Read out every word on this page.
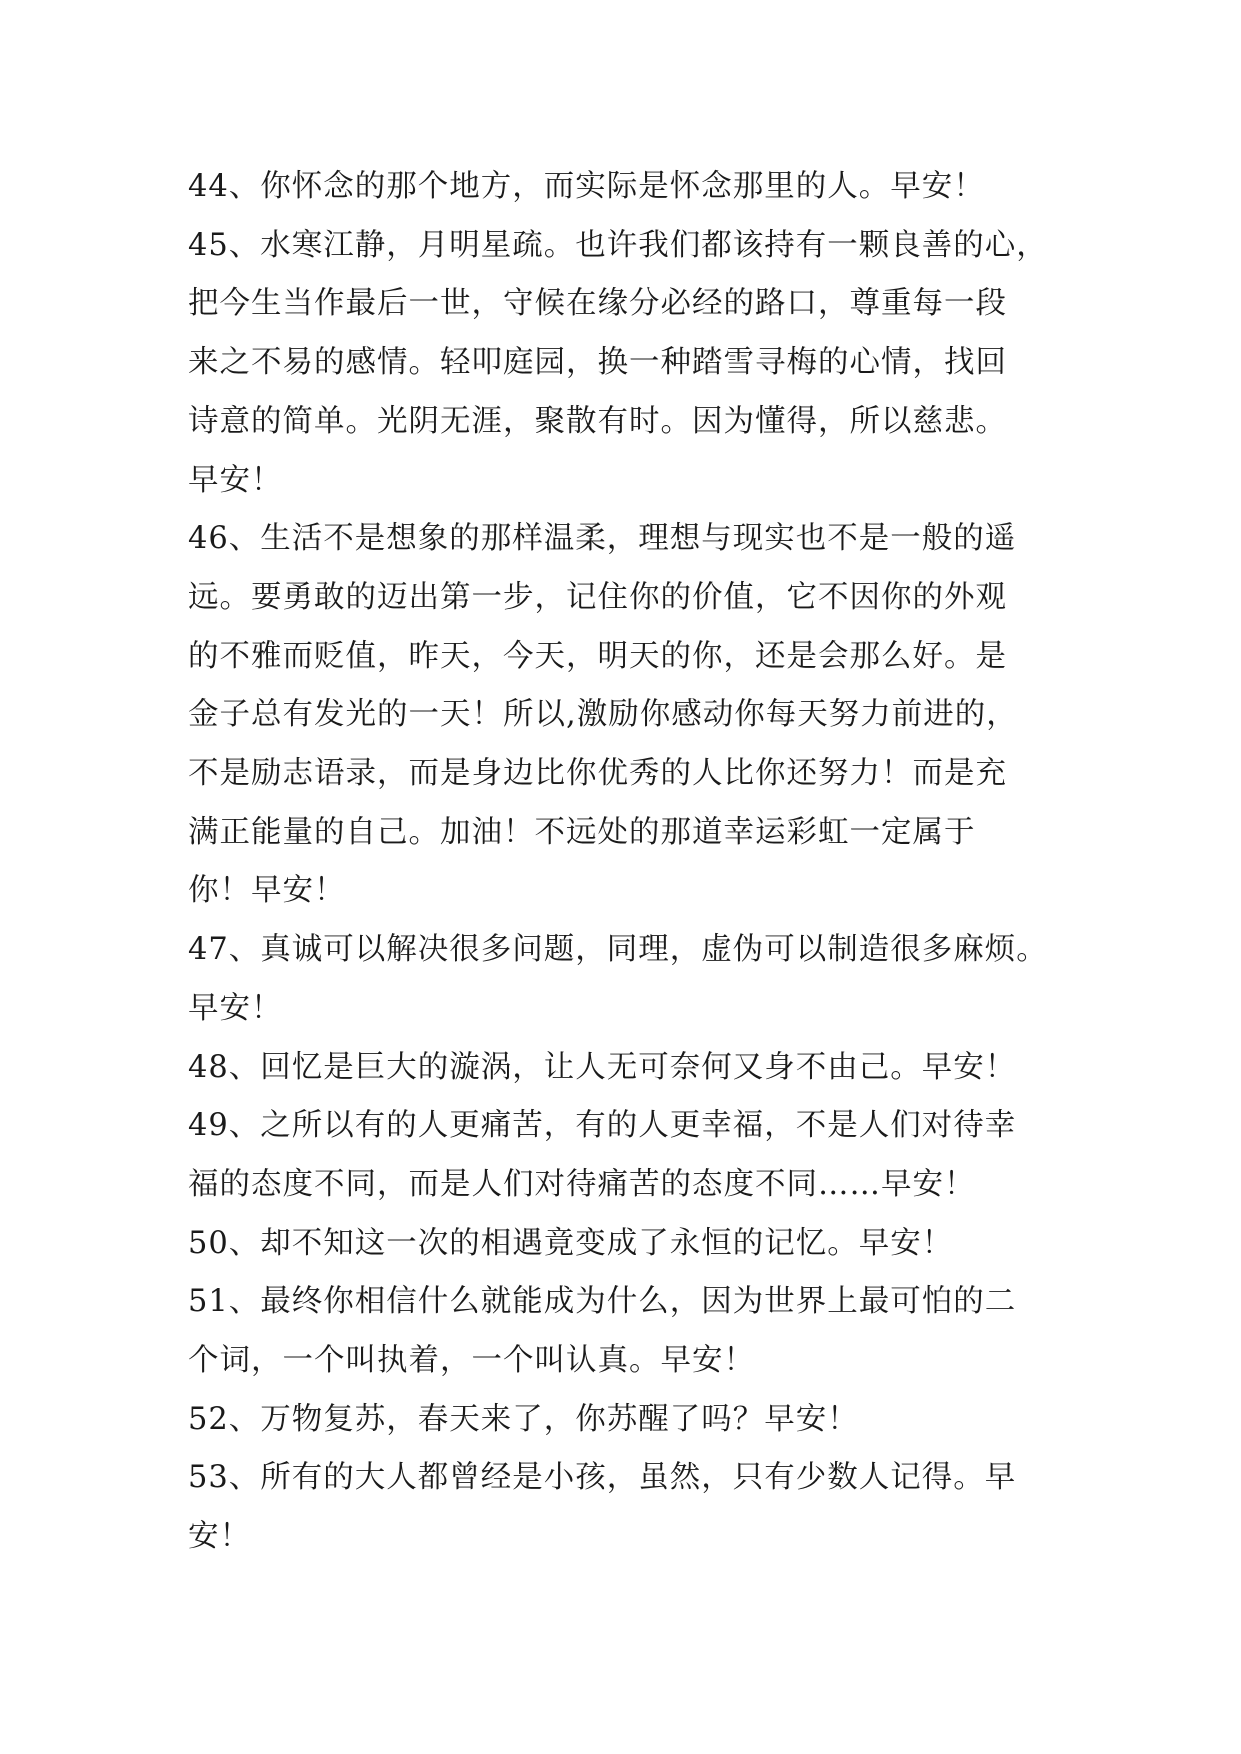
44、你怀念的那个地方，而实际是怀念那里的人。早安！

45、水寒江静，月明星疏。也许我们都该持有一颗良善的心，
把今生当作最后一世，守候在缘分必经的路口，尊重每一段
来之不易的感情。轻叩庭园，换一种踏雪寻梅的心情，找回
诗意的简单。光阴无涯，聚散有时。因为懂得，所以慈悲。
早安！

46、生活不是想象的那样温柔，理想与现实也不是一般的遥
远。要勇敢的迈出第一步，记住你的价值，它不因你的外观
的不雅而贬值，昨天，今天，明天的你，还是会那么好。是
金子总有发光的一天！所以,激励你感动你每天努力前进的，
不是励志语录，而是身边比你优秀的人比你还努力！而是充
满正能量的自己。加油！不远处的那道幸运彩虹一定属于
你！早安！

47、真诚可以解决很多问题，同理，虚伪可以制造很多麻烦。
早安！

48、回忆是巨大的漩涡，让人无可奈何又身不由己。早安！

49、之所以有的人更痛苦，有的人更幸福，不是人们对待幸
福的态度不同，而是人们对待痛苦的态度不同……早安！

50、却不知这一次的相遇竟变成了永恒的记忆。早安！

51、最终你相信什么就能成为什么，因为世界上最可怕的二
个词，一个叫执着，一个叫认真。早安！

52、万物复苏，春天来了，你苏醒了吗？早安！

53、所有的大人都曾经是小孩，虽然，只有少数人记得。早
安！
